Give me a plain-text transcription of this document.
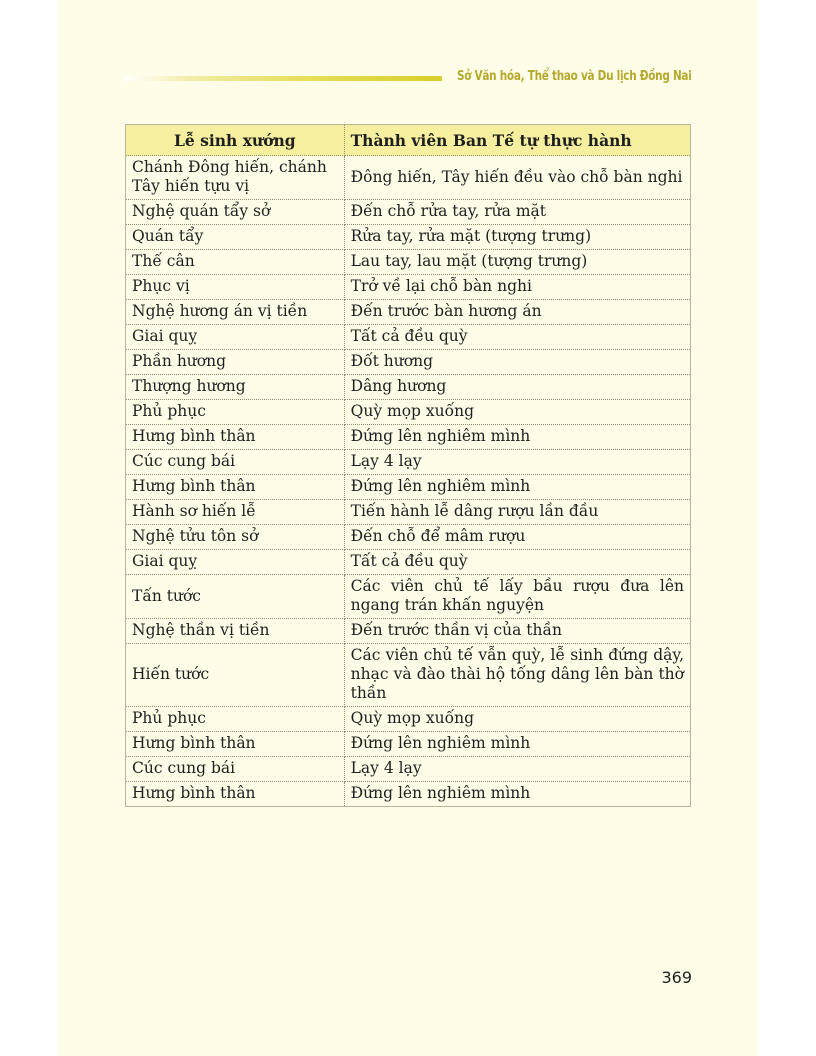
Sở Văn hóa, Thể thao và Du lịch Đồng Nai
Lễ sinh xướng	Thành viên Ban Tế tự thực hành
Chánh Đông hiến, chánh Tây hiến tựu vị	Đông hiến, Tây hiến đều vào chỗ bàn nghi
Nghệ quán tẩy sở	Đến chỗ rửa tay, rửa mặt
Quán tẩy	Rửa tay, rửa mặt (tượng trưng)
Thế cân	Lau tay, lau mặt (tượng trưng)
Phục vị	Trở về lại chỗ bàn nghi
Nghệ hương án vị tiền	Đến trước bàn hương án
Giai quỵ	Tất cả đều quỳ
Phần hương	Đốt hương
Thượng hương	Dâng hương
Phủ phục	Quỳ mọp xuống
Hưng bình thân	Đứng lên nghiêm mình
Cúc cung bái	Lạy 4 lạy
Hưng bình thân	Đứng lên nghiêm mình
Hành sơ hiến lễ	Tiến hành lễ dâng rượu lần đầu
Nghệ tửu tôn sở	Đến chỗ để mâm rượu
Giai quỵ	Tất cả đều quỳ
Tấn tước	Các viên chủ tế lấy bầu rượu đưa lên ngang trán khấn nguyện
Nghệ thần vị tiền	Đến trước thần vị của thần
Hiến tước	Các viên chủ tế vẫn quỳ, lễ sinh đứng dậy, nhạc và đào thài hộ tống dâng lên bàn thờ thần
Phủ phục	Quỳ mọp xuống
Hưng bình thân	Đứng lên nghiêm mình
Cúc cung bái	Lạy 4 lạy
Hưng bình thân	Đứng lên nghiêm mình
369
